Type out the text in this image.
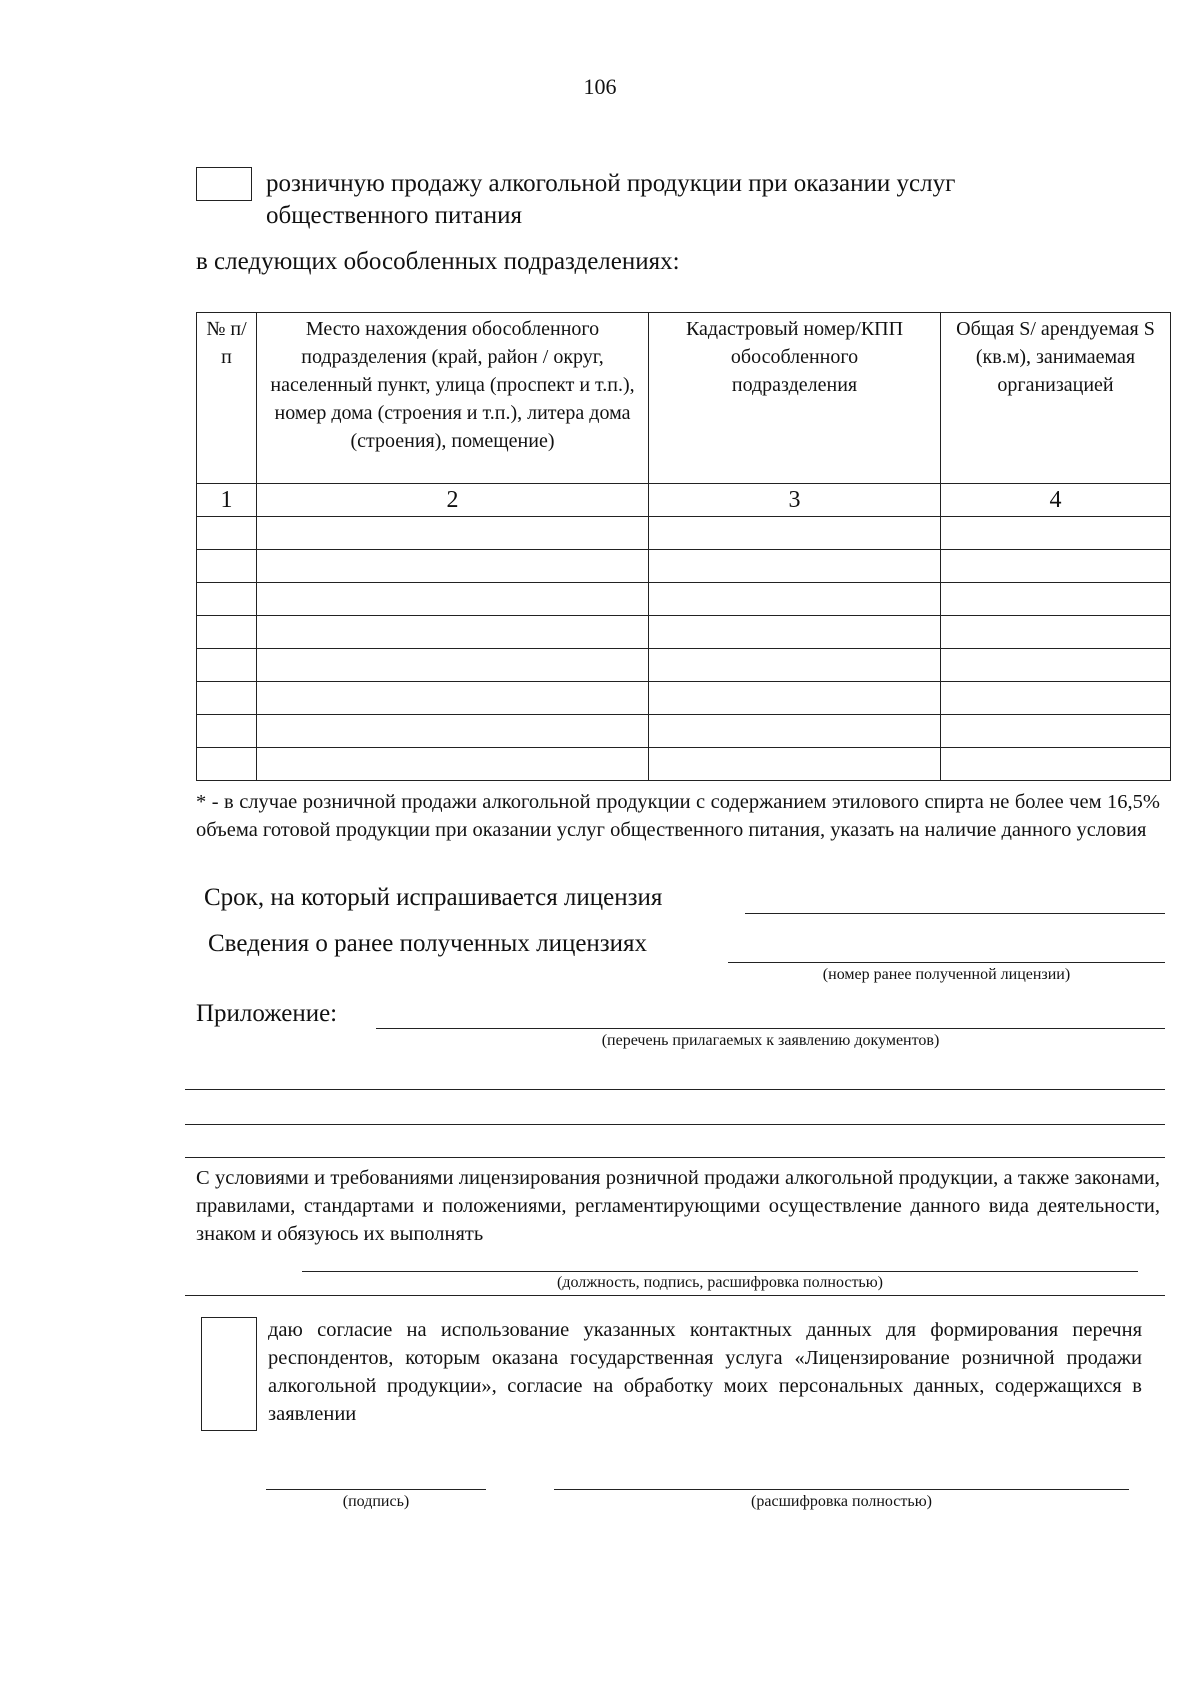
106
розничную продажу алкогольной продукции при оказании услуг
общественного питания
в следующих обособленных подразделениях:
№ п/п	Место нахождения обособленного подразделения (край, район / округ, населенный пункт, улица (проспект и т.п.), номер дома (строения и т.п.), литера дома (строения), помещение)	Кадастровый номер/КПП обособленного подразделения	Общая S/ арендуемая S (кв.м), занимаемая организацией
1	2	3	4

* - в случае розничной продажи алкогольной продукции с содержанием этилового спирта не более чем 16,5% объема готовой продукции при оказании услуг общественного питания, указать на наличие данного условия
Срок, на который испрашивается лицензия
Сведения о ранее полученных лицензиях
(номер ранее полученной лицензии)
Приложение:
(перечень прилагаемых к заявлению документов)
С условиями и требованиями лицензирования розничной продажи алкогольной продукции, а также законами, правилами, стандартами и положениями, регламентирующими осуществление данного вида деятельности, знаком и обязуюсь их выполнять
(должность, подпись, расшифровка полностью)
даю согласие на использование указанных контактных данных для формирования перечня респондентов, которым оказана государственная услуга «Лицензирование розничной продажи алкогольной продукции», согласие на обработку моих персональных данных, содержащихся в заявлении
(подпись)	(расшифровка полностью)
